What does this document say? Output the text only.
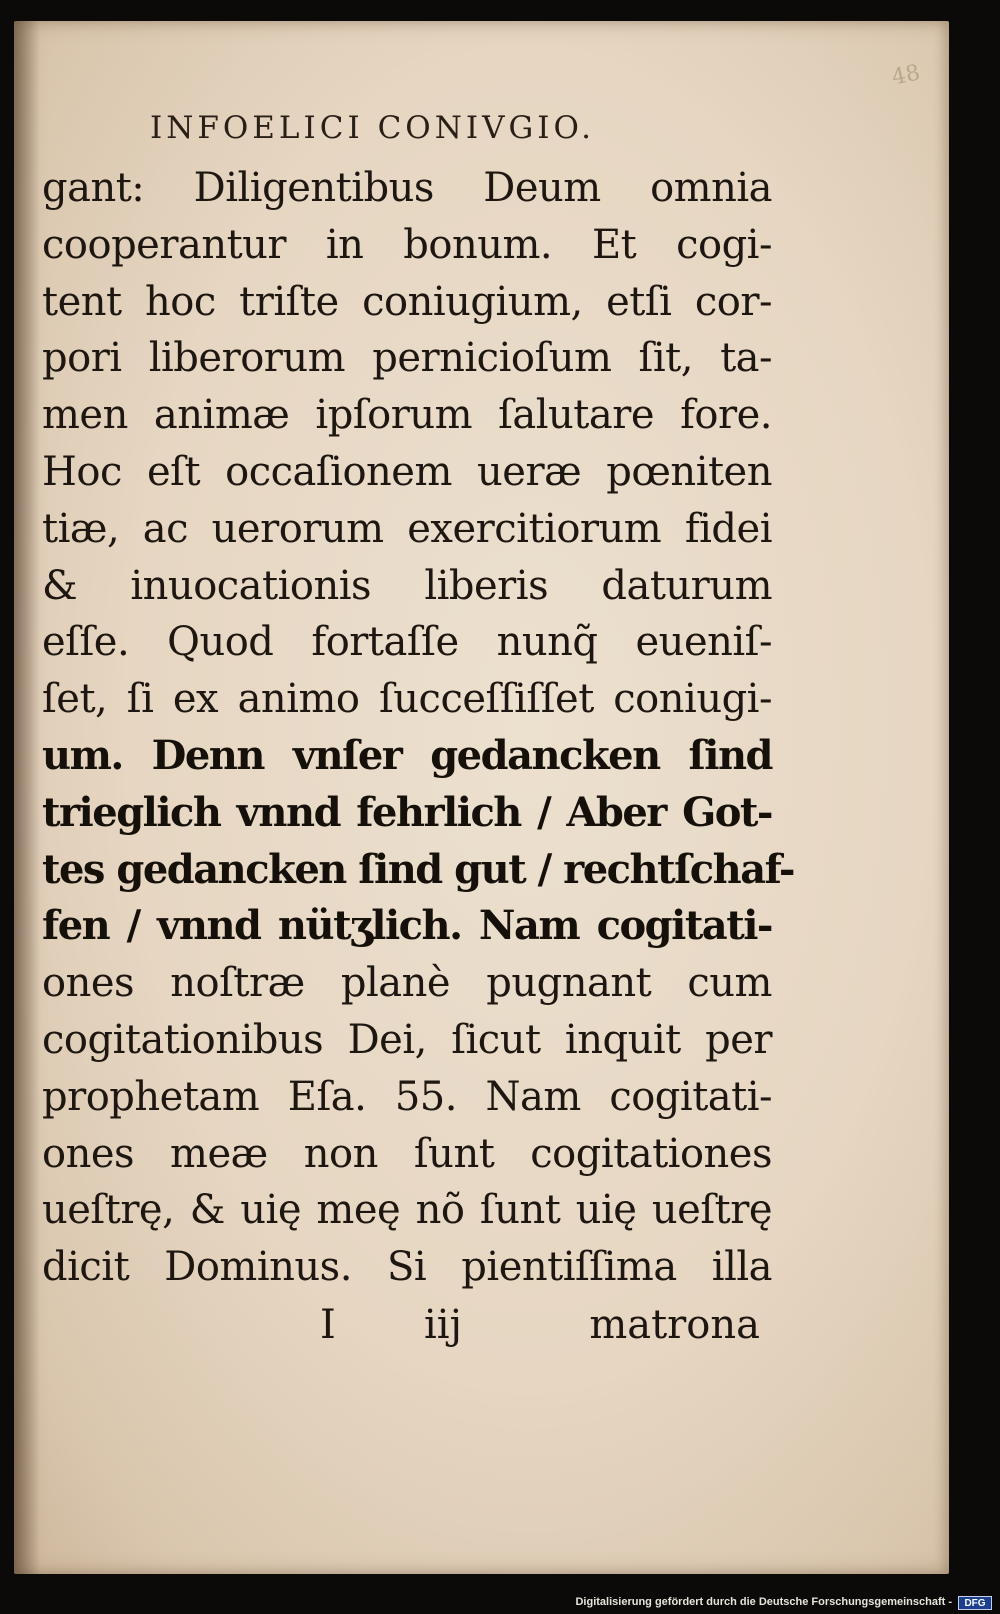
48
INFOELICI CONIVGIO.
gant: Diligentibus Deum omnia
cooperantur in bonum. Et cogi-
tent hoc triſte coniugium, etſi cor-
pori liberorum pernicioſum ſit, ta-
men animæ ipſorum ſalutare fore.
Hoc eſt occaſionem ueræ pœniten
tiæ, ac uerorum exercitiorum fidei
& inuocationis liberis daturum
eſſe. Quod fortaſſe nunq̃ eueniſ-
ſet, ſi ex animo ſucceſſiſſet coniugi-
um. Denn vnſer gedancken ſind
trieglich vnnd fehrlich / Aber Got-
tes gedancken ſind gut / rechtſchaf-
fen / vnnd nütʒlich. Nam cogitati-
ones noſtræ planè pugnant cum
cogitationibus Dei, ſicut inquit per
prophetam Eſa. 55. Nam cogitati-
ones meæ non ſunt cogitationes
ueſtrę, & uię meę nõ ſunt uię ueſtrę
dicit Dominus. Si pientiſſima illa
I iij	matrona
Digitalisierung gefördert durch die Deutsche Forschungsgemeinschaft -	DFG
